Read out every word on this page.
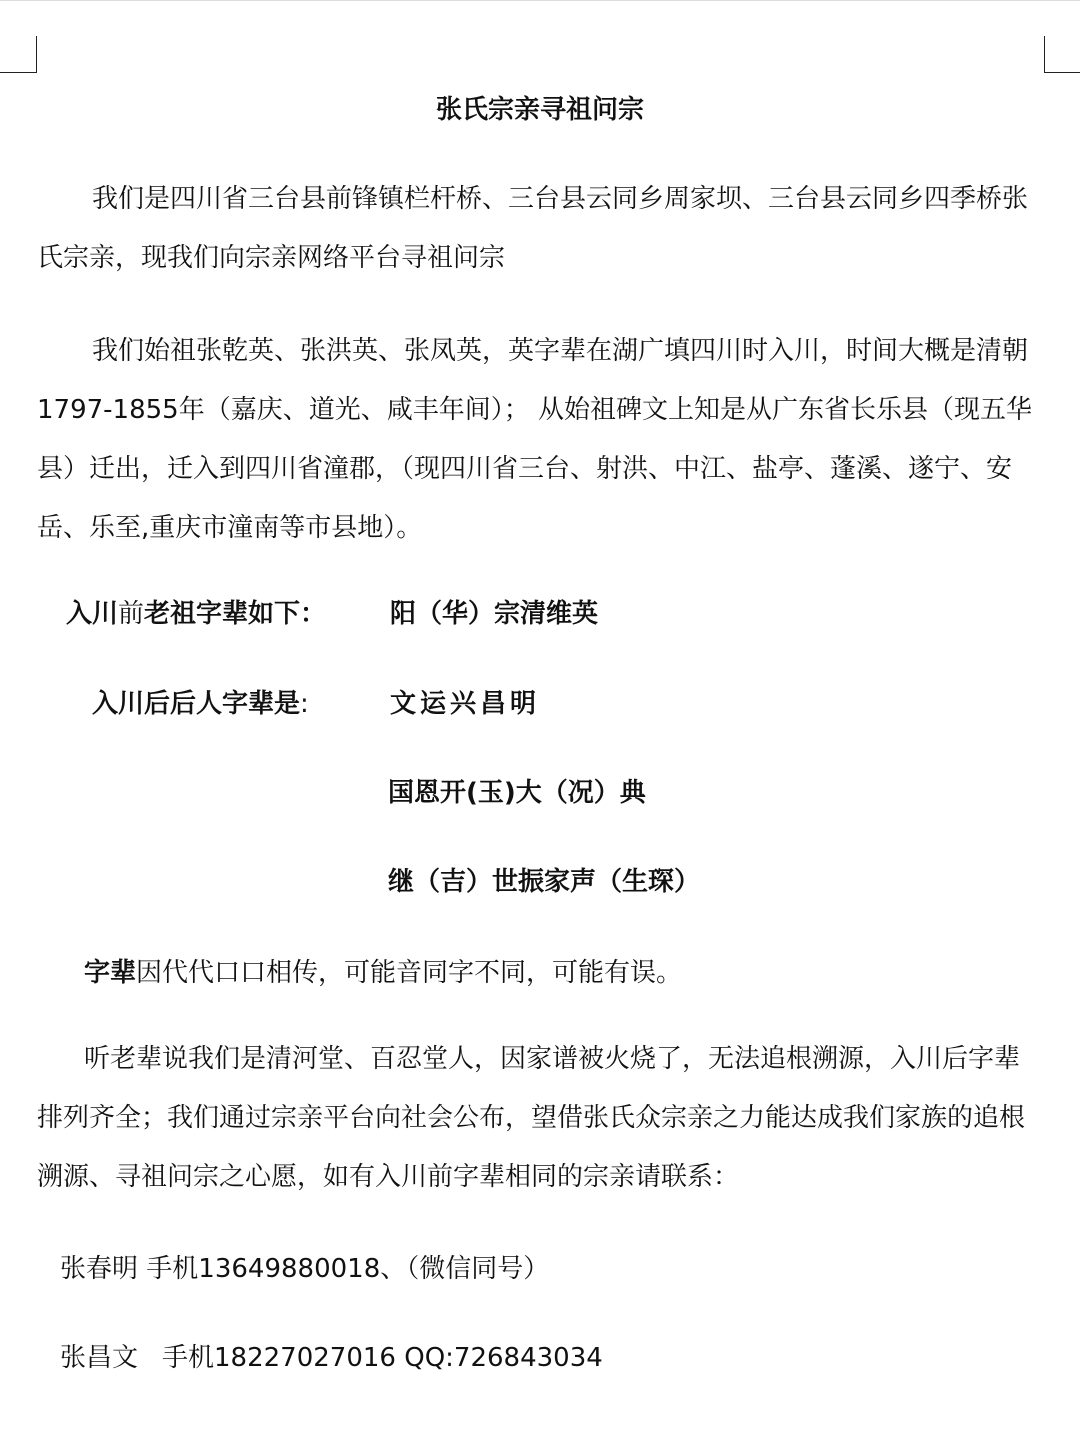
张氏宗亲寻祖问宗

我们是四川省三台县前锋镇栏杆桥、三台县云同乡周家坝、三台县云同乡四季桥张氏宗亲，现我们向宗亲网络平台寻祖问宗

我们始祖张乾英、张洪英、张凤英，英字辈在湖广填四川时入川，时间大概是清朝1797-1855年（嘉庆、道光、咸丰年间）； 从始祖碑文上知是从广东省长乐县（现五华县）迁出，迁入到四川省潼郡，（现四川省三台、射洪、中江、盐亭、蓬溪、遂宁、安岳、乐至,重庆市潼南等市县地）。

入川前老祖字辈如下： 阳（华）宗清维英
入川后后人字辈是:	文运兴昌明
国恩开(玉)大（况）典
继（吉）世振家声（生琛）
字辈因代代口口相传，可能音同字不同，可能有误。

听老辈说我们是清河堂、百忍堂人，因家谱被火烧了，无法追根溯源，入川后字辈排列齐全；我们通过宗亲平台向社会公布，望借张氏众宗亲之力能达成我们家族的追根溯源、寻祖问宗之心愿，如有入川前字辈相同的宗亲请联系：

张春明 手机13649880018、（微信同号）
张昌文 手机18227027016 QQ:726843034
